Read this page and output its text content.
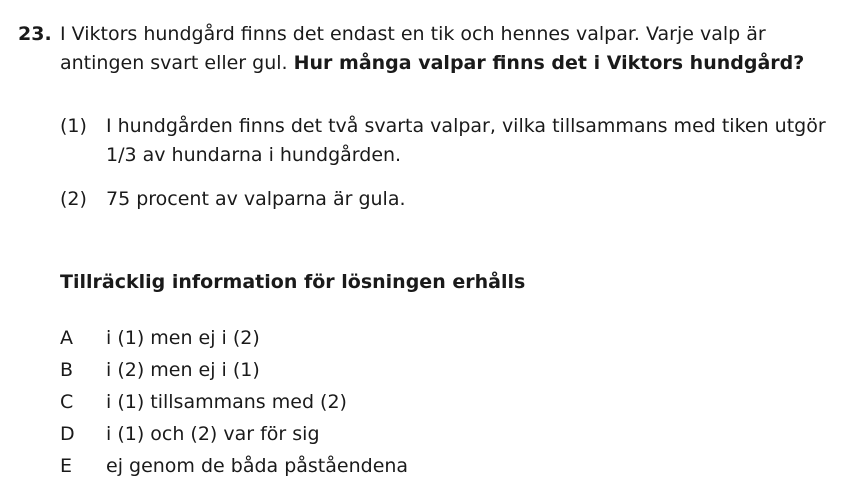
23. I Viktors hundgård finns det endast en tik och hennes valpar. Varje valp är antingen svart eller gul. Hur många valpar finns det i Viktors hundgård?
(1)	I hundgården finns det två svarta valpar, vilka tillsammans med tiken utgör 1/3 av hundarna i hundgården.
(2)	75 procent av valparna är gula.
Tillräcklig information för lösningen erhålls
A	i (1) men ej i (2)
B	i (2) men ej i (1)
C	i (1) tillsammans med (2)
D	i (1) och (2) var för sig
E	ej genom de båda påståendena
